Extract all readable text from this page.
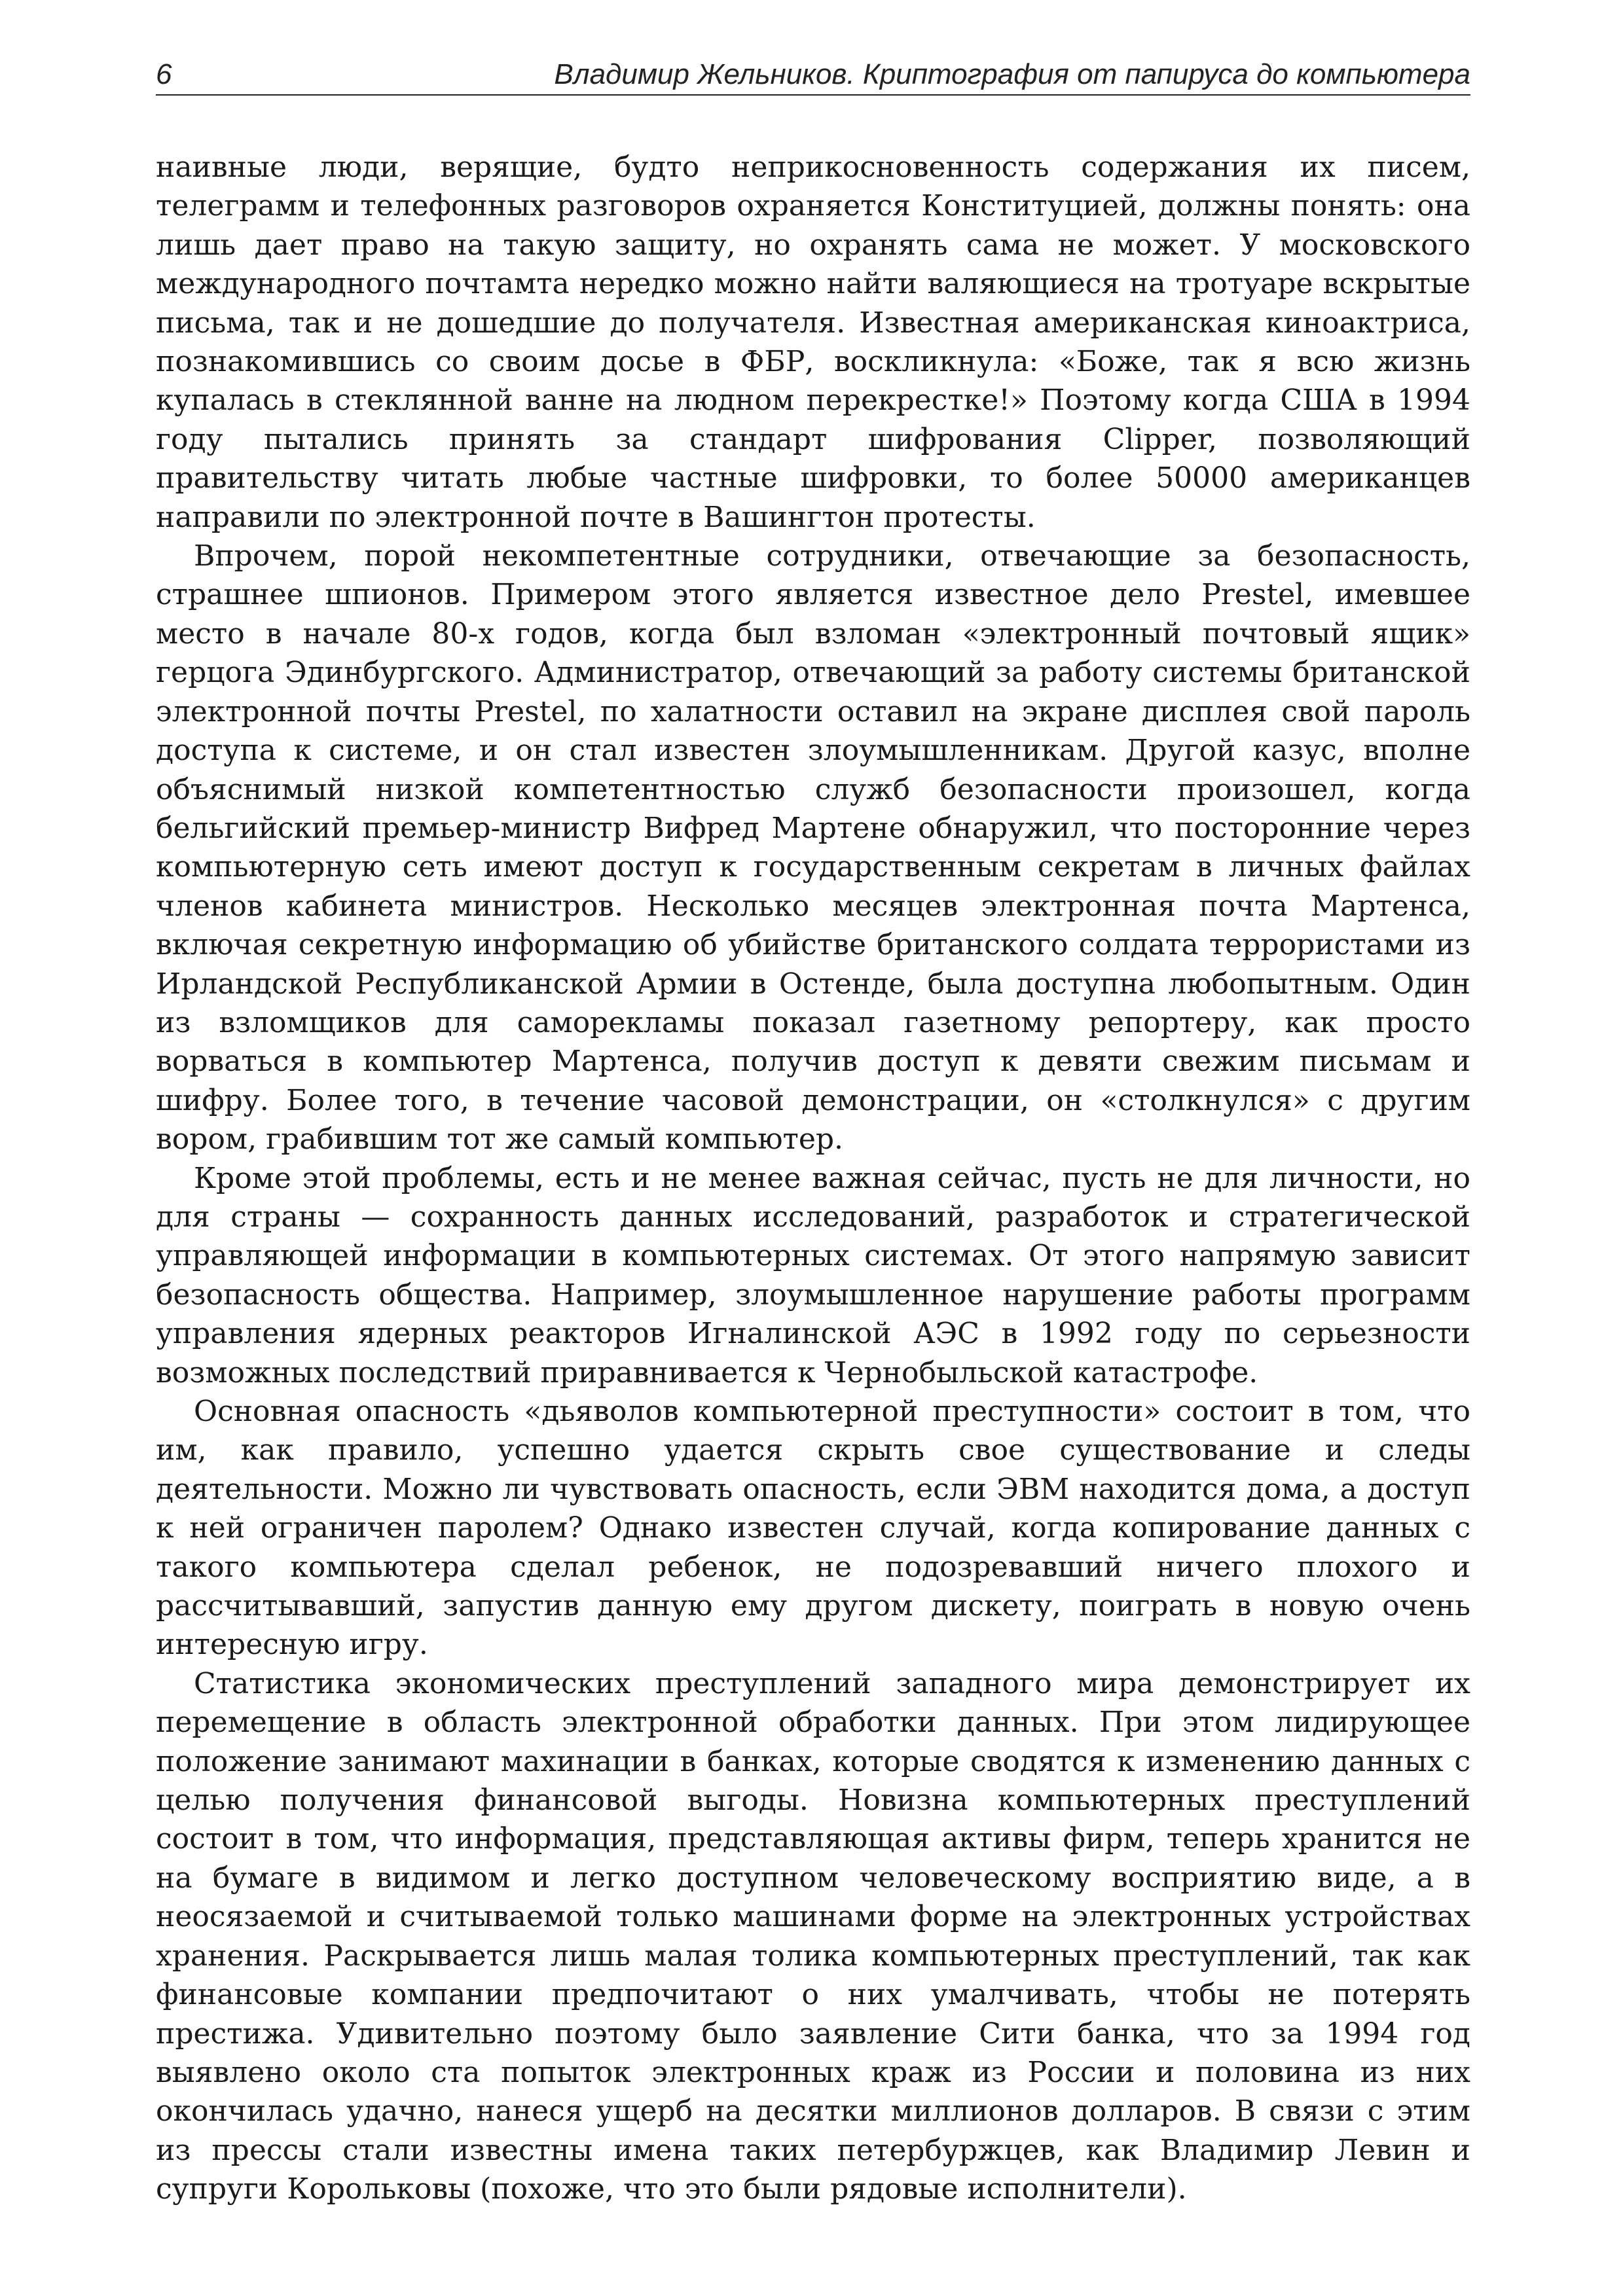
6	Владимир Жельников. Криптография от папируса до компьютера

наивные люди, верящие, будто неприкосновенность содержания их писем, телеграмм и телефонных разговоров охраняется Конституцией, должны понять: она лишь дает право на такую защиту, но охранять сама не может. У московского международного почтамта нередко можно найти валяющиеся на тротуаре вскрытые письма, так и не дошедшие до получателя. Известная американская киноактриса, познакомившись со своим досье в ФБР, воскликнула: «Боже, так я всю жизнь купалась в стеклянной ванне на людном перекрестке!» Поэтому когда США в 1994 году пытались принять за стандарт шифрования Clipper, позволяющий правительству читать любые частные шифровки, то более 50000 американцев направили по электронной почте в Вашингтон протесты.

Впрочем, порой некомпетентные сотрудники, отвечающие за безопасность, страшнее шпионов. Примером этого является известное дело Prestel, имевшее место в начале 80-х годов, когда был взломан «электронный почтовый ящик» герцога Эдинбургского. Администратор, отвечающий за работу системы британской электронной почты Prestel, по халатности оставил на экране дисплея свой пароль доступа к системе, и он стал известен злоумышленникам. Другой казус, вполне объяснимый низкой компетентностью служб безопасности произошел, когда бельгийский премьер-министр Вифред Мартене обнаружил, что посторонние через компьютерную сеть имеют доступ к государственным секретам в личных файлах членов кабинета министров. Несколько месяцев электронная почта Мартенса, включая секретную информацию об убийстве британского солдата террористами из Ирландской Республиканской Армии в Остенде, была доступна любопытным. Один из взломщиков для саморекламы показал газетному репортеру, как просто ворваться в компьютер Мартенса, получив доступ к девяти свежим письмам и шифру. Более того, в течение часовой демонстрации, он «столкнулся» с другим вором, грабившим тот же самый компьютер.

Кроме этой проблемы, есть и не менее важная сейчас, пусть не для личности, но для страны — сохранность данных исследований, разработок и стратегической управляющей информации в компьютерных системах. От этого напрямую зависит безопасность общества. Например, злоумышленное нарушение работы программ управления ядерных реакторов Игналинской АЭС в 1992 году по серьезности возможных последствий приравнивается к Чернобыльской катастрофе.

Основная опасность «дьяволов компьютерной преступности» состоит в том, что им, как правило, успешно удается скрыть свое существование и следы деятельности. Можно ли чувствовать опасность, если ЭВМ находится дома, а доступ к ней ограничен паролем? Однако известен случай, когда копирование данных с такого компьютера сделал ребенок, не подозревавший ничего плохого и рассчитывавший, запустив данную ему другом дискету, поиграть в новую очень интересную игру.

Статистика экономических преступлений западного мира демонстрирует их перемещение в область электронной обработки данных. При этом лидирующее положение занимают махинации в банках, которые сводятся к изменению данных с целью получения финансовой выгоды. Новизна компьютерных преступлений состоит в том, что информация, представляющая активы фирм, теперь хранится не на бумаге в видимом и легко доступном человеческому восприятию виде, а в неосязаемой и считываемой только машинами форме на электронных устройствах хранения. Раскрывается лишь малая толика компьютерных преступлений, так как финансовые компании предпочитают о них умалчивать, чтобы не потерять престижа. Удивительно поэтому было заявление Сити банка, что за 1994 год выявлено около ста попыток электронных краж из России и половина из них окончилась удачно, нанеся ущерб на десятки миллионов долларов. В связи с этим из прессы стали известны имена таких петербуржцев, как Владимир Левин и супруги Корольковы (похоже, что это были рядовые исполнители).
